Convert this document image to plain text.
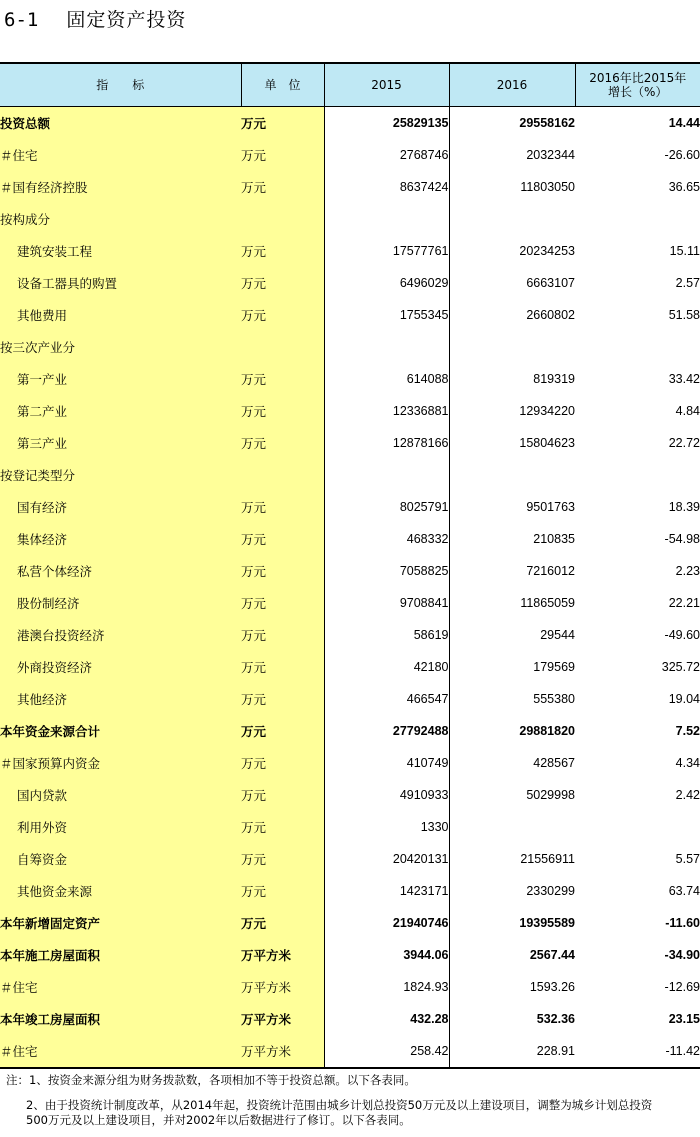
6-1 固定资产投资
指　　标	单　位	2015	2016	2016年比2015年
增长（%）

投资总额	万元	25829135	29558162	14.44
＃住宅	万元	2768746	2032344	-26.60
＃国有经济控股	万元	8637424	11803050	36.65
按构成分				
建筑安装工程	万元	17577761	20234253	15.11
设备工器具的购置	万元	6496029	6663107	2.57
其他费用	万元	1755345	2660802	51.58
按三次产业分				
第一产业	万元	614088	819319	33.42
第二产业	万元	12336881	12934220	4.84
第三产业	万元	12878166	15804623	22.72
按登记类型分				
国有经济	万元	8025791	9501763	18.39
集体经济	万元	468332	210835	-54.98
私营个体经济	万元	7058825	7216012	2.23
股份制经济	万元	9708841	11865059	22.21
港澳台投资经济	万元	58619	29544	-49.60
外商投资经济	万元	42180	179569	325.72
其他经济	万元	466547	555380	19.04
本年资金来源合计	万元	27792488	29881820	7.52
＃国家预算内资金	万元	410749	428567	4.34
国内贷款	万元	4910933	5029998	2.42
利用外资	万元	1330		
自筹资金	万元	20420131	21556911	5.57
其他资金来源	万元	1423171	2330299	63.74
本年新增固定资产	万元	21940746	19395589	-11.60
本年施工房屋面积	万平方米	3944.06	2567.44	-34.90
＃住宅	万平方米	1824.93	1593.26	-12.69
本年竣工房屋面积	万平方米	432.28	532.36	23.15
＃住宅	万平方米	258.42	228.91	-11.42
注：1、按资金来源分组为财务拨款数，各项相加不等于投资总额。以下各表同。
2、由于投资统计制度改革，从2014年起，投资统计范围由城乡计划总投资50万元及以上建设项目，调整为城乡计划总投资500万元及以上建设项目，并对2002年以后数据进行了修订。以下各表同。
